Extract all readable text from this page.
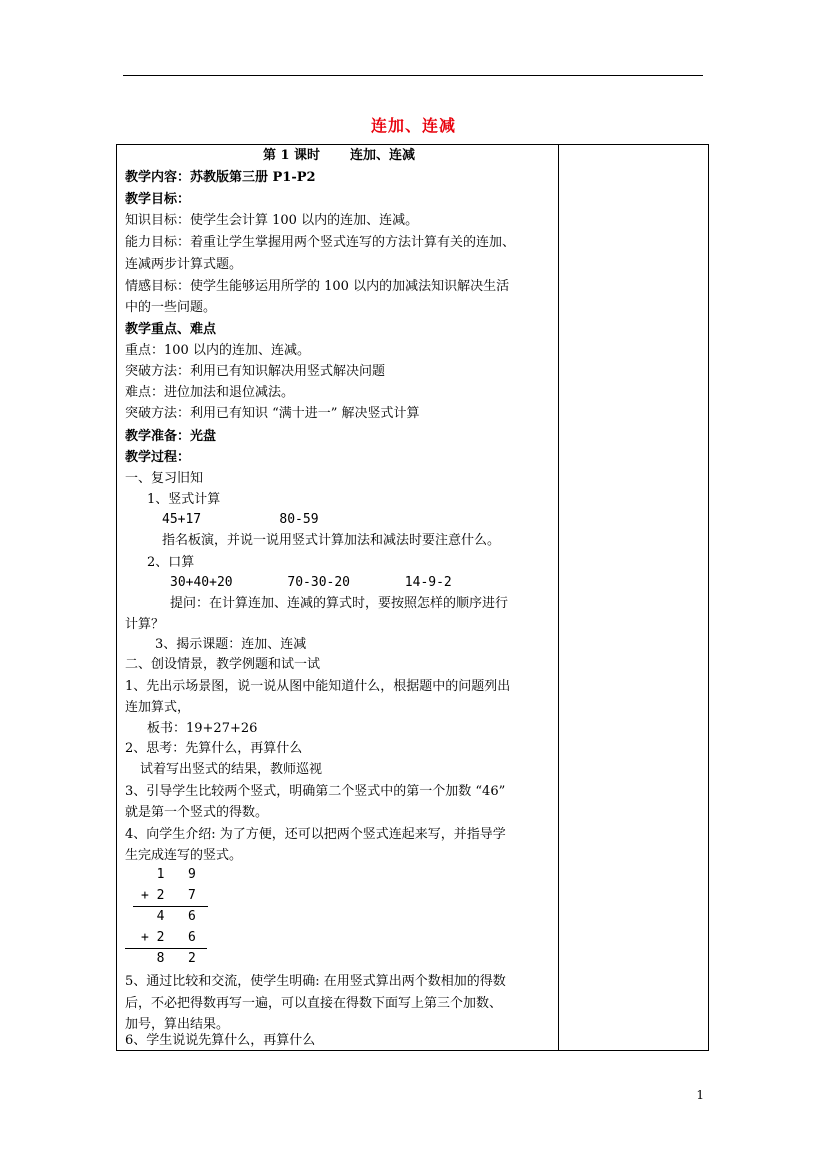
连加、连减
第 1 课时 连加、连减
教学内容：苏教版第三册 P1-P2
教学目标：
知识目标：使学生会计算 100 以内的连加、连减。
能力目标：着重让学生掌握用两个竖式连写的方法计算有关的连加、
连减两步计算式题。
情感目标：使学生能够运用所学的 100 以内的加减法知识解决生活
中的一些问题。
教学重点、难点
重点：100 以内的连加、连减。
突破方法：利用已有知识解决用竖式解决问题
难点：进位加法和退位减法。
突破方法：利用已有知识 “满十进一” 解决竖式计算
教学准备：光盘
教学过程：
一、复习旧知
1、竖式计算
45+17          80-59
指名板演，并说一说用竖式计算加法和减法时要注意什么。
2、口算
30+40+20       70-30-20       14-9-2
提问：在计算连加、连减的算式时，要按照怎样的顺序进行
计算？
3、揭示课题：连加、连减
二、创设情景，教学例题和试一试
1、先出示场景图，说一说从图中能知道什么，根据题中的问题列出
连加算式，
板书：19+27+26
2、思考：先算什么，再算什么
试着写出竖式的结果，教师巡视
3、引导学生比较两个竖式，明确第二个竖式中的第一个加数 “46”
就是第一个竖式的得数。
4、向学生介绍: 为了方便，还可以把两个竖式连起来写，并指导学
生完成连写的竖式。
1   9
+ 2   7
4   6
+ 2   6
8   2
5、通过比较和交流，使学生明确: 在用竖式算出两个数相加的得数
后，不必把得数再写一遍，可以直接在得数下面写上第三个加数、
加号，算出结果。
6、学生说说先算什么，再算什么
1
